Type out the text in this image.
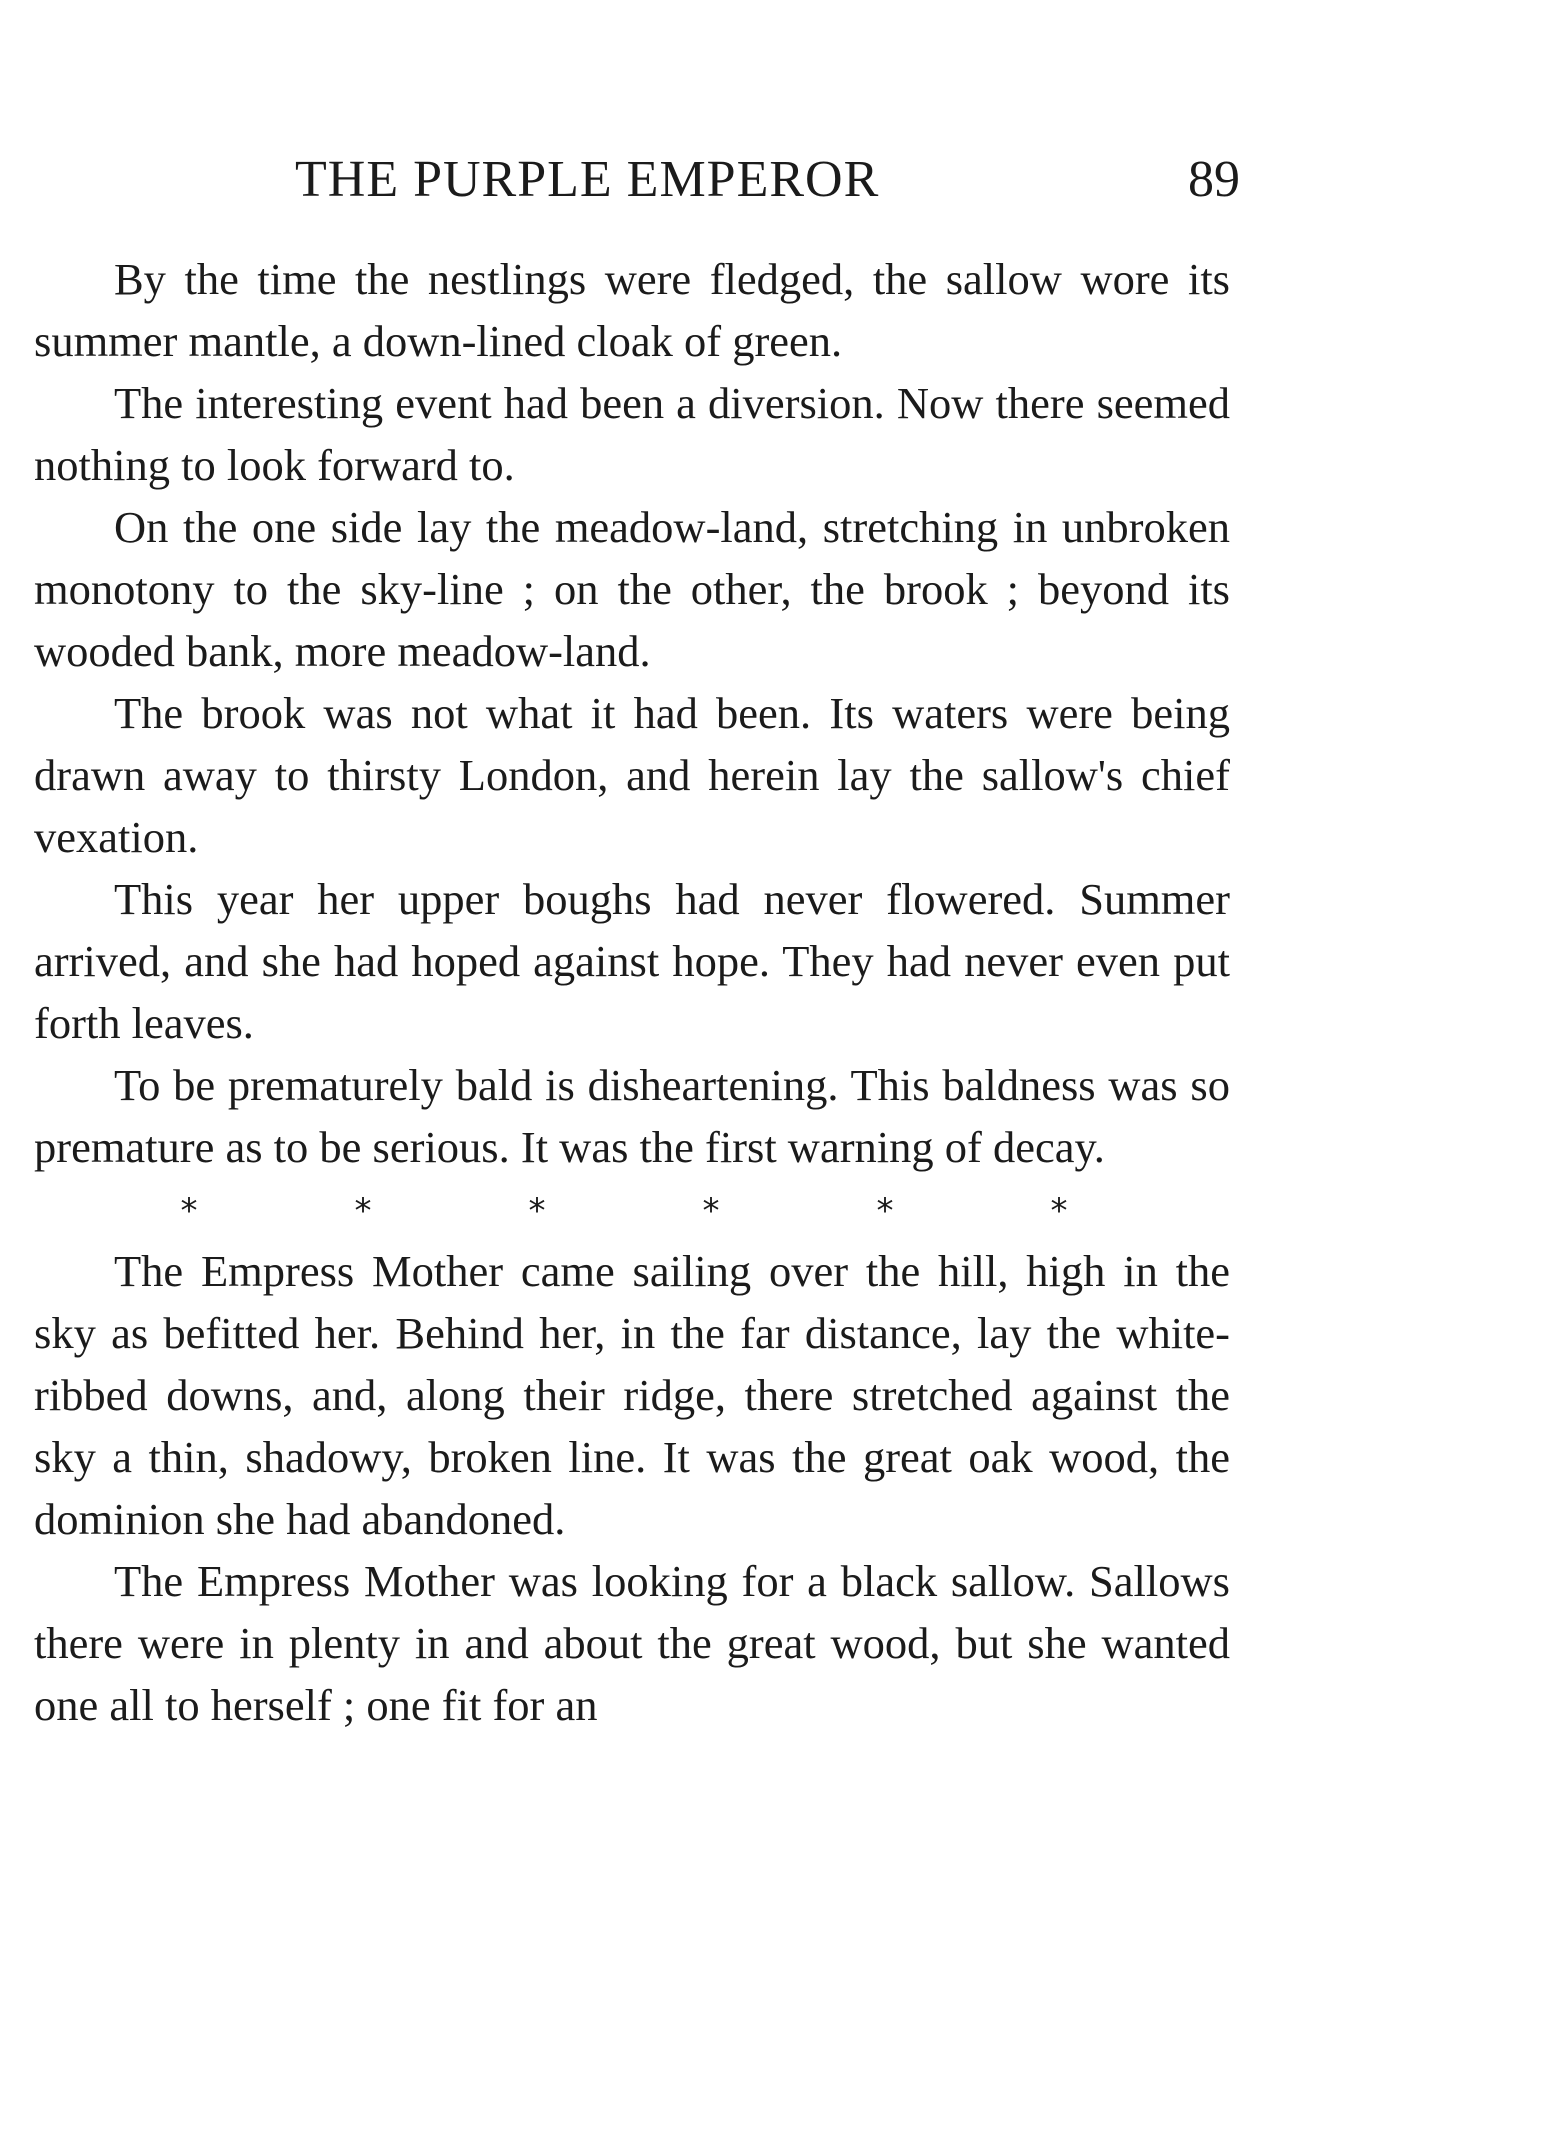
THE PURPLE EMPEROR	89

By the time the nestlings were fledged, the sallow wore its summer mantle, a down-lined cloak of green.

The interesting event had been a diversion. Now there seemed nothing to look forward to.

On the one side lay the meadow-land, stretching in unbroken monotony to the sky-line ; on the other, the brook ; beyond its wooded bank, more meadow-land.

The brook was not what it had been. Its waters were being drawn away to thirsty London, and herein lay the sallow's chief vexation.

This year her upper boughs had never flowered. Summer arrived, and she had hoped against hope. They had never even put forth leaves.

To be prematurely bald is disheartening. This baldness was so premature as to be serious. It was the first warning of decay.

*	*	*	*	*	*

The Empress Mother came sailing over the hill, high in the sky as befitted her. Behind her, in the far distance, lay the white-ribbed downs, and, along their ridge, there stretched against the sky a thin, shadowy, broken line. It was the great oak wood, the dominion she had abandoned.

The Empress Mother was looking for a black sallow. Sallows there were in plenty in and about the great wood, but she wanted one all to herself ; one fit for an
